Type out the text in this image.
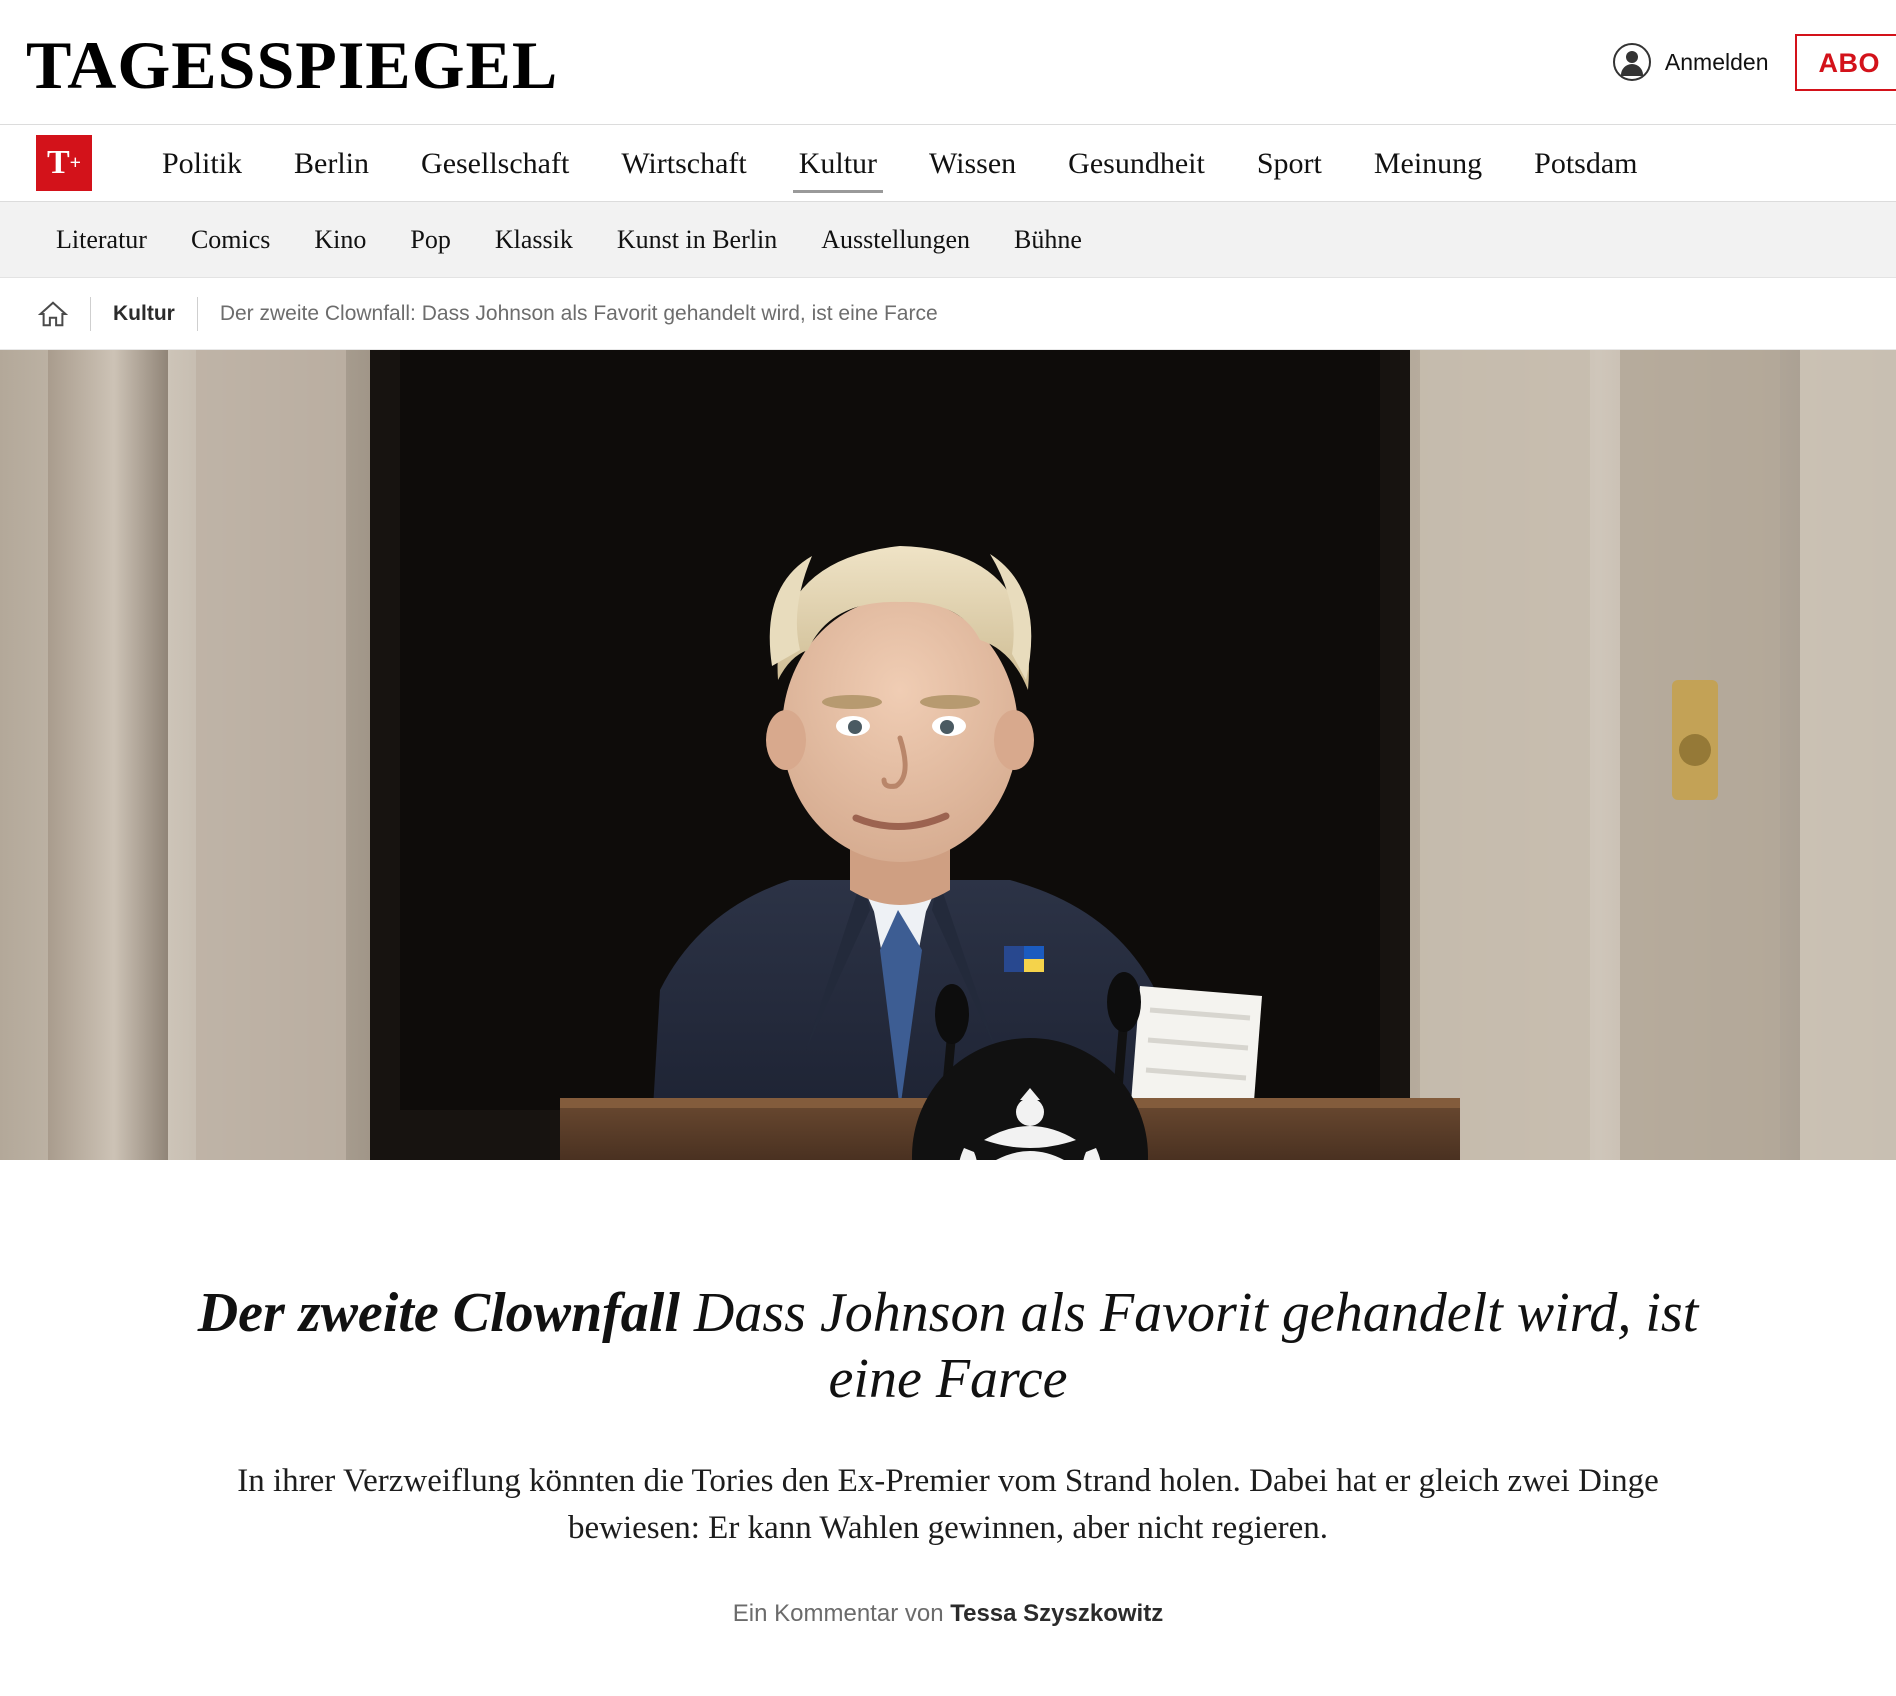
TAGESSPIEGEL	Anmelden	ABO
T +	Politik	Berlin	Gesellschaft	Wirtschaft	Kultur	Wissen	Gesundheit	Sport	Meinung	Potsdam
Literatur	Comics	Kino	Pop	Klassik	Kunst in Berlin	Ausstellungen	Bühne
Kultur Der zweite Clownfall: Dass Johnson als Favorit gehandelt wird, ist eine Farce
Der zweite Clownfall Dass Johnson als Favorit gehandelt wird, ist eine Farce

In ihrer Verzweiflung könnten die Tories den Ex-Premier vom Strand holen. Dabei hat er gleich zwei Dinge bewiesen: Er kann Wahlen gewinnen, aber nicht regieren.

Ein Kommentar von Tessa Szyszkowitz
